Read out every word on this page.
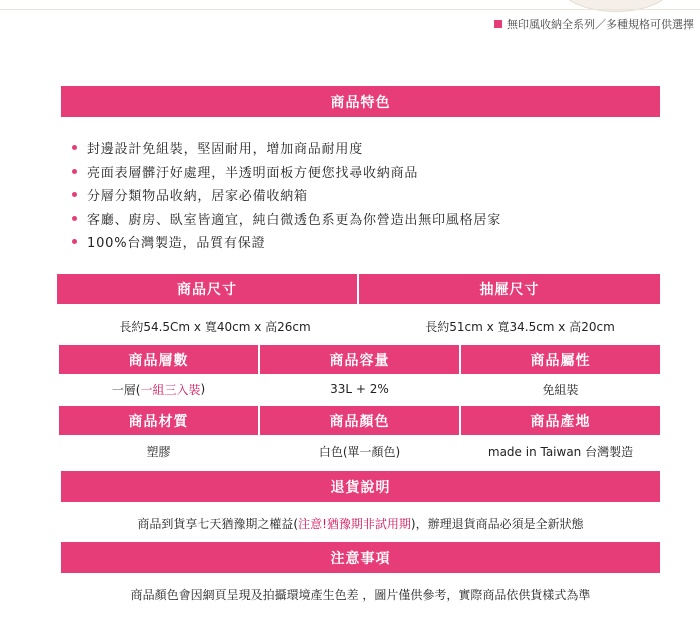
無印風收納全系列／多種規格可供選擇
商品特色
封邊設計免組裝，堅固耐用，增加商品耐用度
亮面表層髒汙好處理，半透明面板方便您找尋收納商品
分層分類物品收納，居家必備收納箱
客廳、廚房、臥室皆適宜，純白微透色系更為你營造出無印風格居家
100%台灣製造，品質有保證
商品尺寸	抽屜尺寸
長約54.5Cm x 寬40cm x 高26cm	長約51cm x 寬34.5cm x 高20cm
商品層數	商品容量	商品屬性
一層( 一組三入裝 )	33L + 2%	免組裝
商品材質	商品顏色	商品產地
塑膠	白色(單一顏色)	made in Taiwan 台灣製造
退貨說明
商品到貨享七天猶豫期之權益( 注意!猶豫期非試用期 )，辦理退貨商品必須是全新狀態
注意事項
商品顏色會因網頁呈現及拍攝環境產生色差 ，圖片僅供參考，實際商品依供貨樣式為準
